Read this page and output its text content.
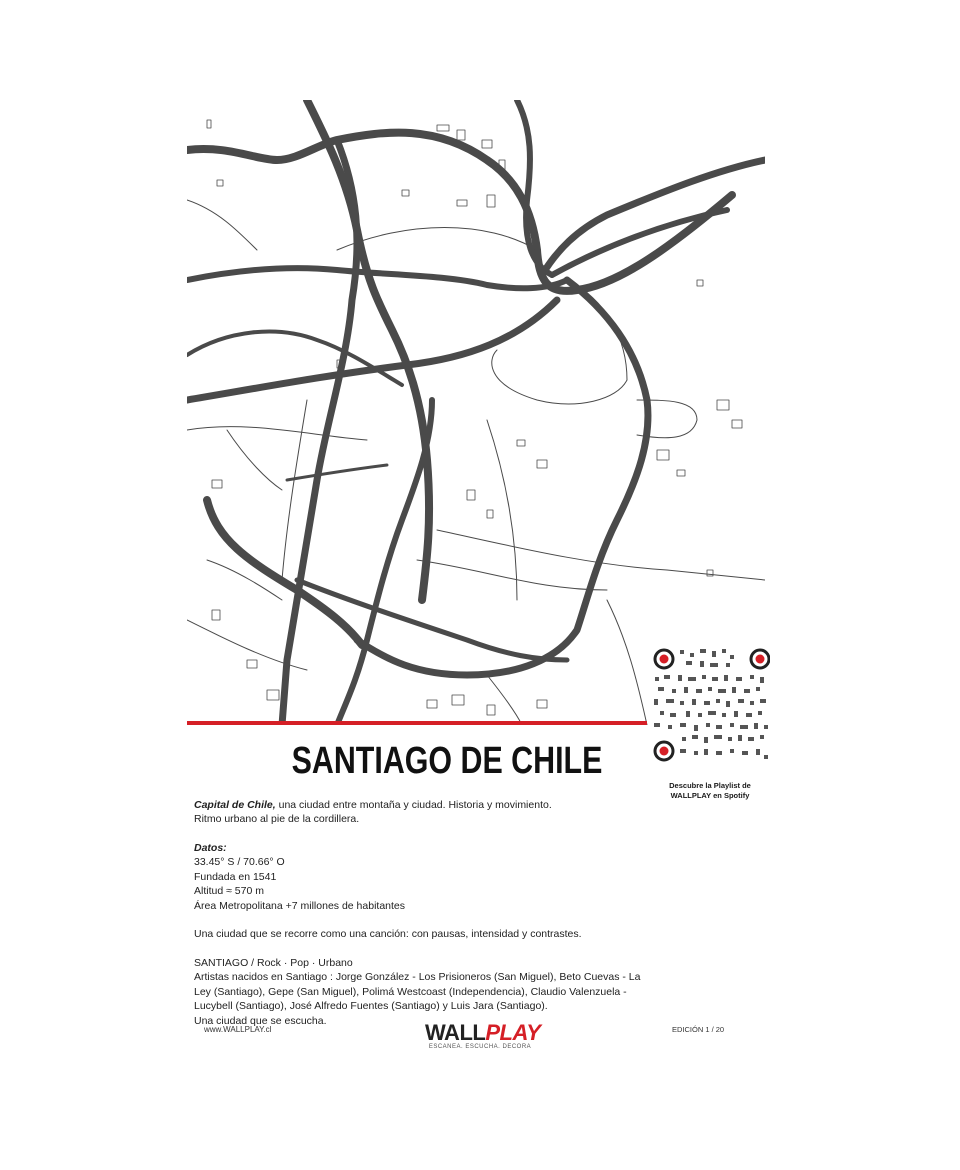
Descubre la Playlist de
WALLPLAY en Spotify
SANTIAGO DE CHILE

Capital de Chile, una ciudad entre montaña y ciudad. Historia y movimiento.

Ritmo urbano al pie de la cordillera.

Datos:

33.45° S / 70.66° O

Fundada en 1541

Altitud ≈ 570 m

Área Metropolitana +7 millones de habitantes

Una ciudad que se recorre como una canción: con pausas, intensidad y contrastes.

SANTIAGO / Rock · Pop · Urbano

Artistas nacidos en Santiago : Jorge González - Los Prisioneros (San Miguel), Beto Cuevas - La Ley (Santiago), Gepe (San Miguel), Polimá Westcoast (Independencia), Claudio Valenzuela - Lucybell (Santiago), José Alfredo Fuentes (Santiago) y Luis Jara (Santiago).

Una ciudad que se escucha.

www.WALLPLAY.cl	WALLPLAY
ESCANEA. ESCUCHA. DECORA
EDICIÓN 1 / 20
